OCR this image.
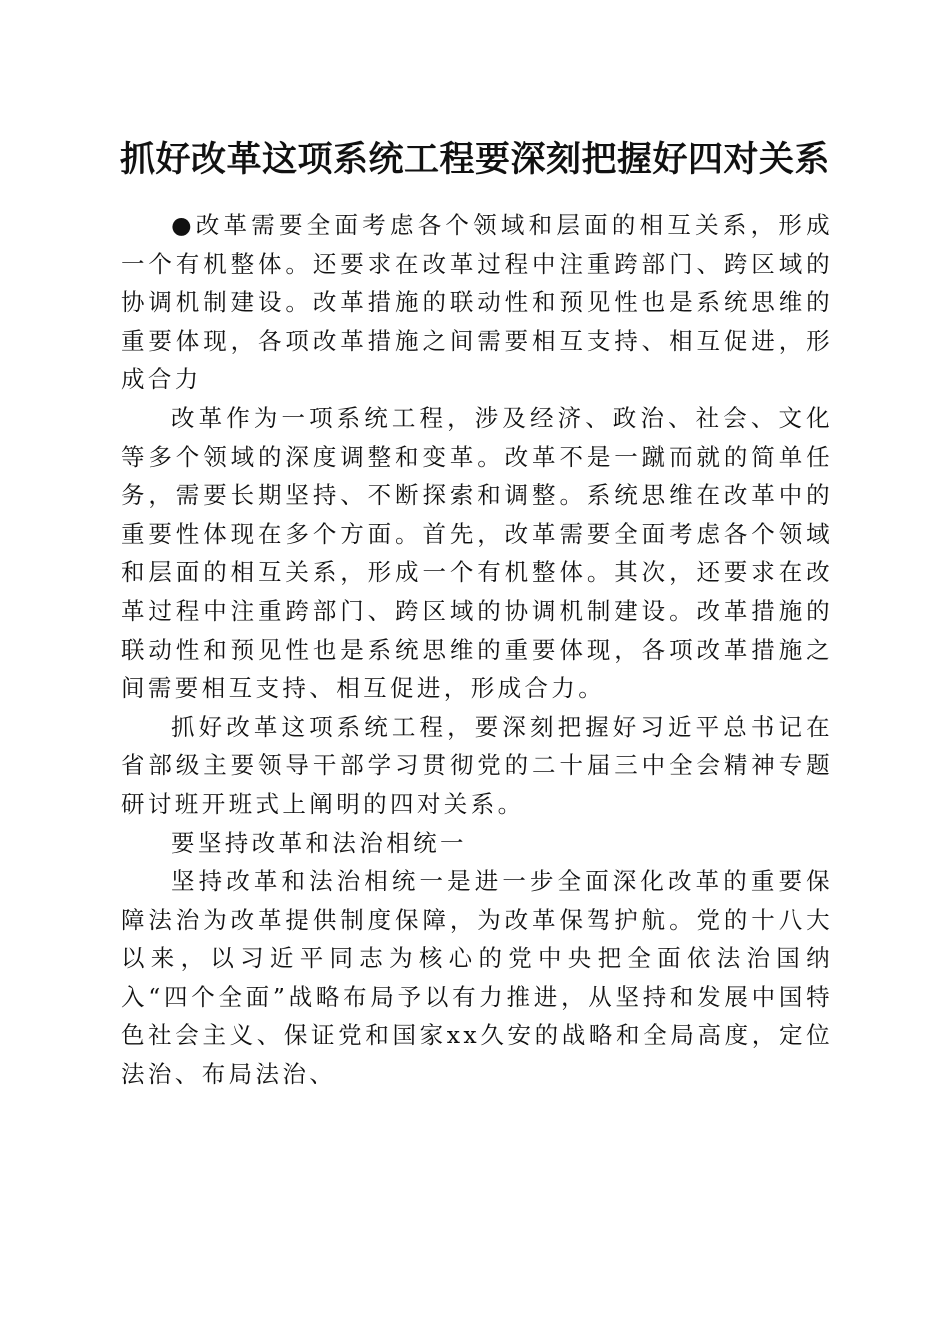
抓好改革这项系统工程要深刻把握好四对关系

●改革需要全面考虑各个领域和层面的相互关系，形成一个有机整体。还要求在改革过程中注重跨部门、跨区域的协调机制建设。改革措施的联动性和预见性也是系统思维的重要体现，各项改革措施之间需要相互支持、相互促进，形成合力

改革作为一项系统工程，涉及经济、政治、社会、文化等多个领域的深度调整和变革。改革不是一蹴而就的简单任务，需要长期坚持、不断探索和调整。系统思维在改革中的重要性体现在多个方面。首先，改革需要全面考虑各个领域和层面的相互关系，形成一个有机整体。其次，还要求在改革过程中注重跨部门、跨区域的协调机制建设。改革措施的联动性和预见性也是系统思维的重要体现，各项改革措施之间需要相互支持、相互促进，形成合力。

抓好改革这项系统工程，要深刻把握好习近平总书记在省部级主要领导干部学习贯彻党的二十届三中全会精神专题研讨班开班式上阐明的四对关系。

要坚持改革和法治相统一

坚持改革和法治相统一是进一步全面深化改革的重要保障法治为改革提供制度保障，为改革保驾护航。党的十八大以来，以习近平同志为核心的党中央把全面依法治国纳入“四个全面”战略布局予以有力推进，从坚持和发展中国特色社会主义、保证党和国家xx久安的战略和全局高度，定位法治、布局法治、
